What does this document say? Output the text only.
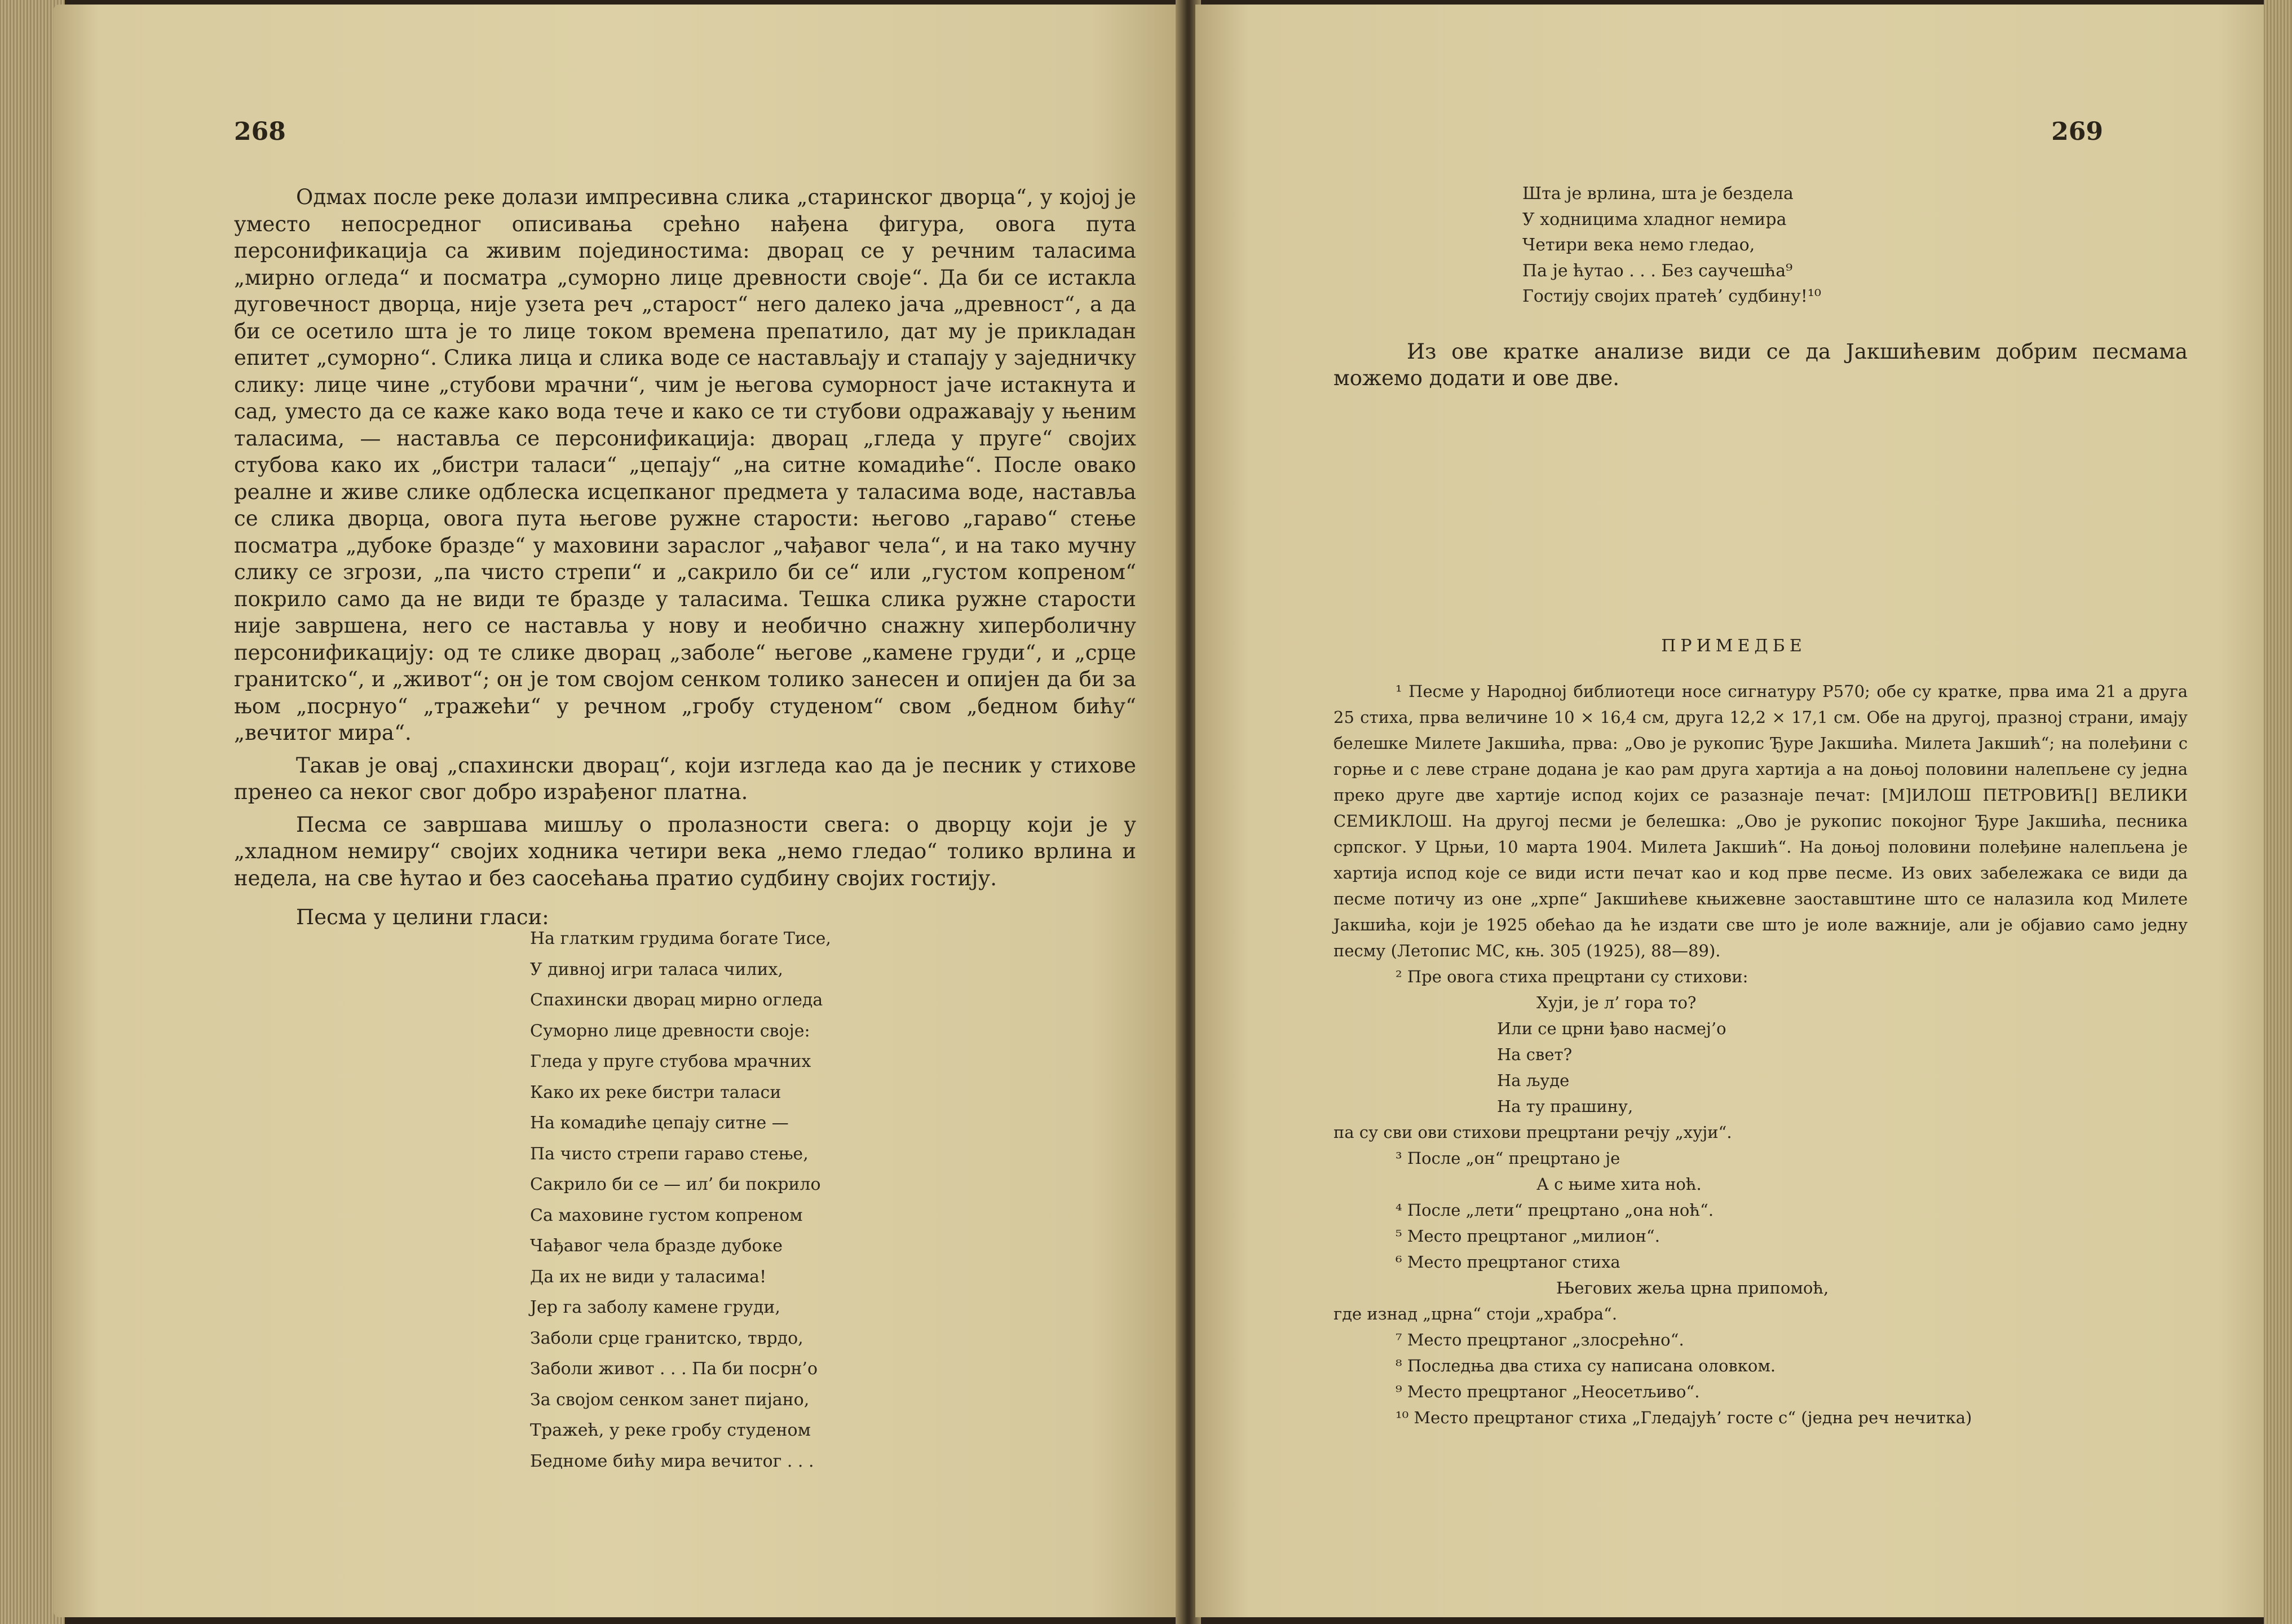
268

Одмах после реке долази импресивна слика „старинског дворца“, у којој је уместо непосредног описивања срећно нађена фигура, овога пута персонификација са живим појединостима: дворац се у речним таласима „мирно огледа“ и посматра „суморно лице древности своје“. Да би се истакла дуговечност дворца, није узета реч „старост“ него далеко јача „древност“, а да би се осетило шта је то лице током времена препатило, дат му је прикладан епитет „суморно“. Слика лица и слика воде се настављају и стапају у заједничку слику: лице чине „стубови мрачни“, чим је његова суморност јаче истакнута и сад, уместо да се каже како вода тече и како се ти стубови одражавају у њеним таласима, — наставља се персонификација: дворац „гледа у пруге“ својих стубова како их „бистри таласи“ „цепају“ „на ситне комадиће“. После овако реалне и живе слике одблеска исцепканог предмета у таласима воде, наставља се слика дворца, овога пута његове ружне старости: његово „гараво“ стење посматра „дубоке бразде“ у маховини зараслог „чађавог чела“, и на тако мучну слику се згрози, „па чисто стрепи“ и „сакрило би се“ или „густом копреном“ покрило само да не види те бразде у таласима. Тешка слика ружне старости није завршена, него се наставља у нову и необично снажну хиперболичну персонификацију: од те слике дворац „заболе“ његове „камене груди“, и „срце гранитско“, и „живот“; он је том својом сенком толико занесен и опијен да би за њом „посрнуо“ „тражећи“ у речном „гробу студеном“ свом „бедном бићу“ „вечитог мира“.

Такав је овај „спахински дворац“, који изгледа као да је песник у стихове пренео са неког свог добро израђеног платна.

Песма се завршава мишљу о пролазности свега: о дворцу који је у „хладном немиру“ својих ходника четири века „немо гледао“ толико врлина и недела, на све ћутао и без саосећања пратио судбину својих гостију.

Песма у целини гласи:

На глатким грудима богате Тисе,
У дивној игри таласа чилих,
Спахински дворац мирно огледа
Суморно лице древности своје:
Гледа у пруге стубова мрачних
Како их реке бистри таласи
На комадиће цепају ситне —
Па чисто стрепи гараво стење,
Сакрило би се — ил’ би покрило
Са маховине густом копреном
Чађавог чела бразде дубоке
Да их не види у таласима!
Јер га заболу камене груди,
Заболи срце гранитско, тврдо,
Заболи живот . . . Па би посрн’о
За својом сенком занет пијано,
Тражећ, у реке гробу студеном
Бедноме бићу мира вечитог . . .
269
Шта је врлина, шта је бездела
У ходницима хладног немира
Четири века немо гледао,
Па је ћутао . . . Без саучешћа⁹
Гостију својих пратећ’ судбину!¹⁰

Из ове кратке анализе види се да Јакшићевим добрим песмама можемо додати и ове две.

ПРИМЕДБЕ

¹ Песме у Народној библиотеци носе сигнатуру Р570; обе су кратке, прва има 21 а друга 25 стиха, прва величине 10 × 16,4 см, друга 12,2 × 17,1 см. Обе на другој, празној страни, имају белешке Милете Јакшића, прва: „Ово је рукопис Ђуре Јакшића. Милета Јакшић“; на полеђини с горње и с леве стране додана је као рам друга хартија а на доњој половини налепљене су једна преко друге две хартије испод којих се разазнаје печат: [М]ИЛОШ ПЕТРОВИЋ[] ВЕЛИКИ СЕМИКЛОШ. На другој песми је белешка: „Ово је рукопис покојног Ђуре Јакшића, песника српског. У Црњи, 10 марта 1904. Милета Јакшић“. На доњој половини полеђине налепљена је хартија испод које се види исти печат као и код прве песме. Из ових забележака се види да песме потичу из оне „хрпе“ Јакшићеве књижевне заоставштине што се налазила код Милете Јакшића, који је 1925 обећао да ће издати све што је иоле важније, али је објавио само једну песму (Летопис МС, књ. 305 (1925), 88—89).

² Пре овога стиха прецртани су стихови:

Хуји, је л’ гора то?

Или се црни ђаво насмеј’о

На свет?

На људе

На ту прашину,

па су сви ови стихови прецртани речју „хуји“.

³ После „он“ прецртано је

А с њиме хита ноћ.

⁴ После „лети“ прецртано „она ноћ“.

⁵ Место прецртаног „милион“.

⁶ Место прецртаног стиха

Његових жеља црна припомоћ,

где изнад „црна“ стоји „храбра“.

⁷ Место прецртаног „злосрећно“.

⁸ Последња два стиха су написана оловком.

⁹ Место прецртаног „Неосетљиво“.

¹⁰ Место прецртаног стиха „Гледајућ’ госте с“ (једна реч нечитка)
